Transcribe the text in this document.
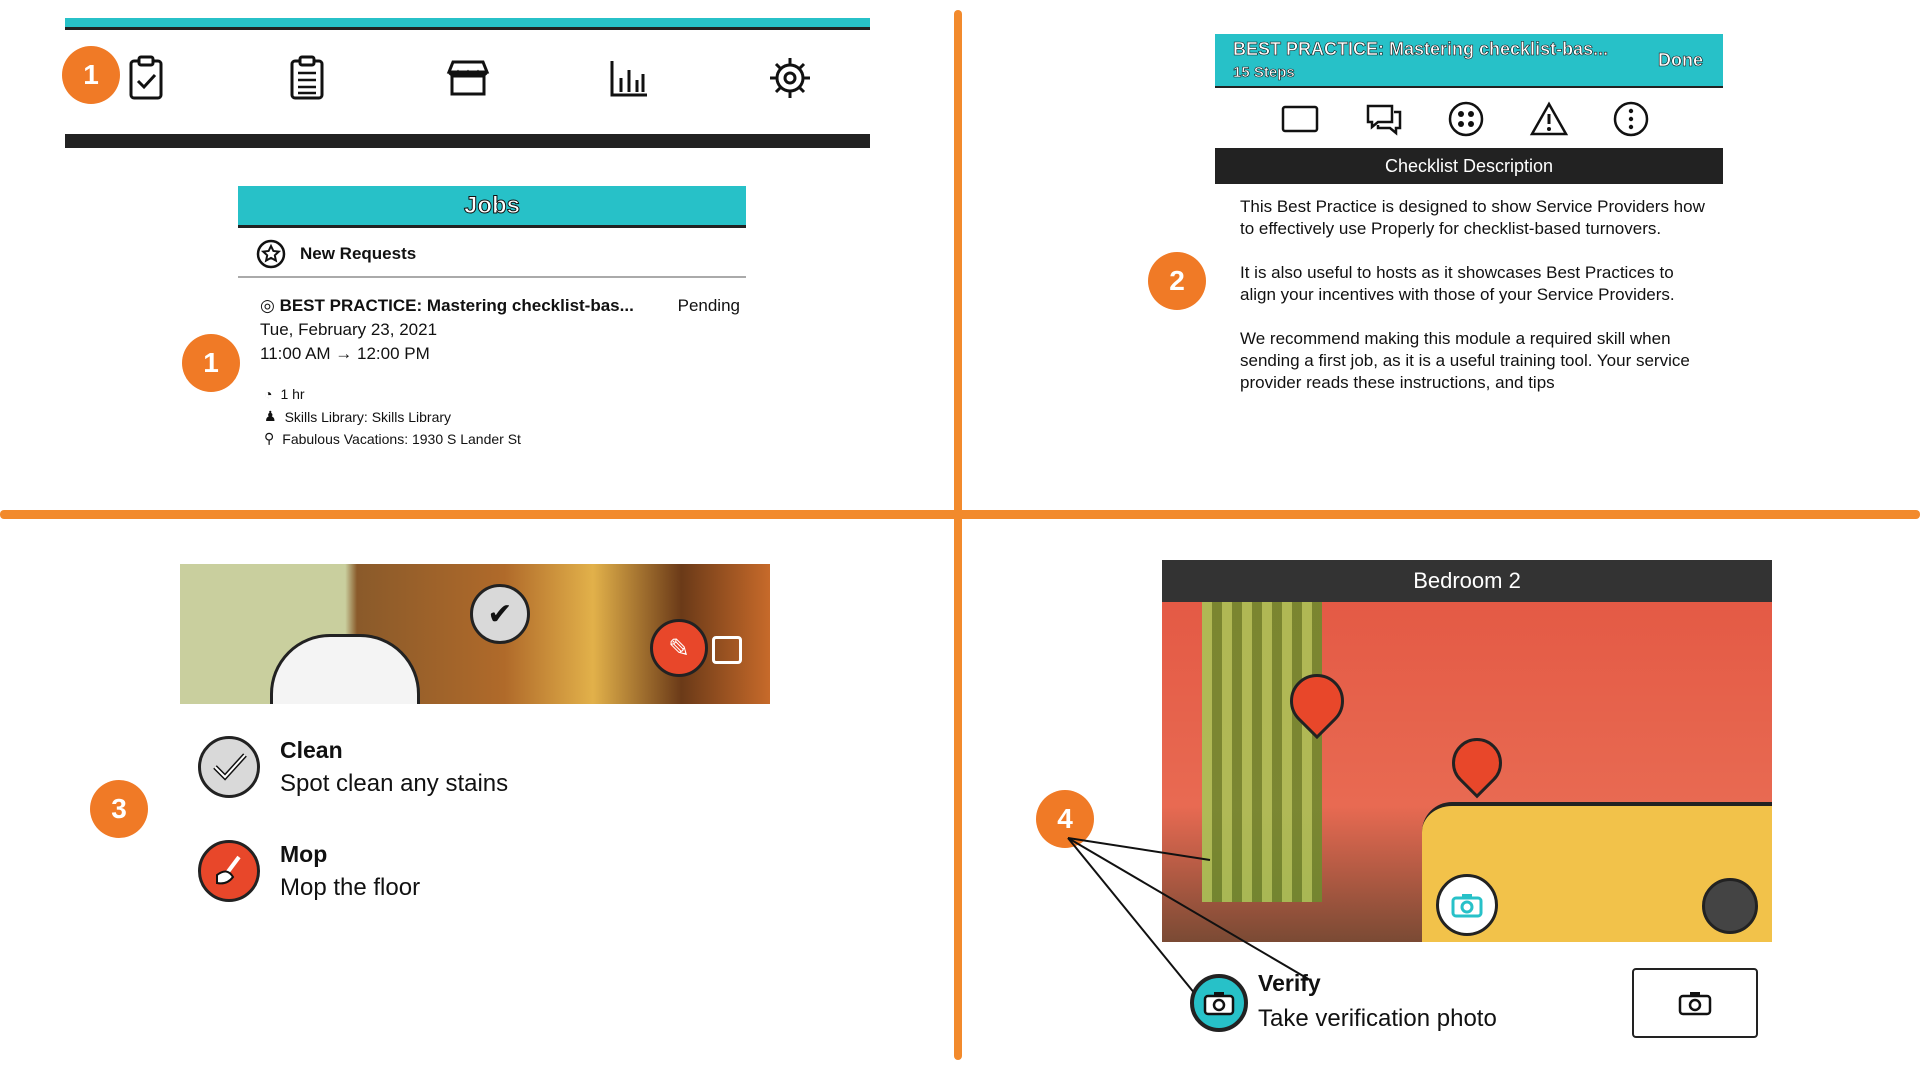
1
Jobs
New Requests
1
◎ BEST PRACTICE: Mastering checklist-bas...	Pending
Tue, February 23, 2021
11:00 AM → 12:00 PM
◔ 1 hr
♟ Skills Library: Skills Library
⚲ Fabulous Vacations: 1930 S Lander St
BEST PRACTICE: Mastering checklist-bas...
15 Steps
Done
Checklist Description
2

This Best Practice is designed to show Service Providers how to effectively use Properly for checklist-based turnovers.

It is also useful to hosts as it showcases Best Practices to align your incentives with those of your Service Providers.

We recommend making this module a required skill when sending a first job, as it is a useful training tool. Your service provider reads these instructions, and tips

✔
✎
3
Clean
Spot clean any stains
Mop
Mop the floor
Bedroom 2
4
Verify
Take verification photo
